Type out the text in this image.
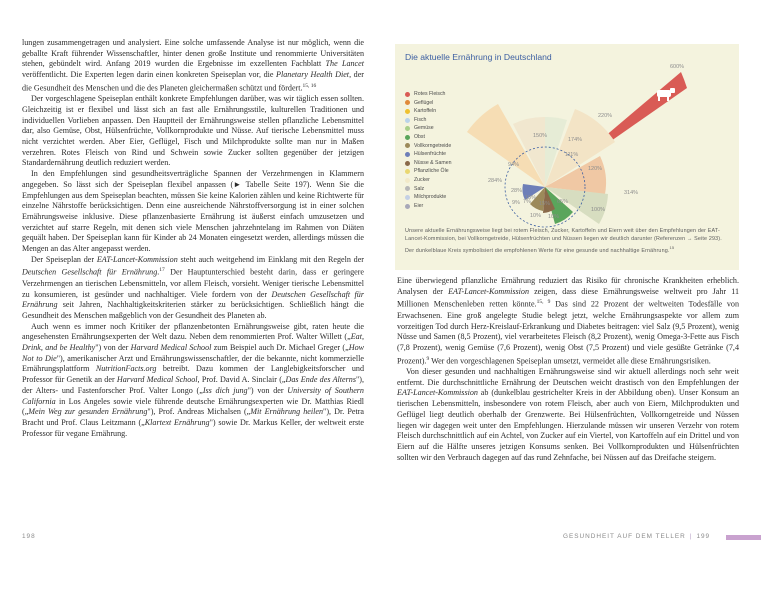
lungen zusammengetragen und analysiert. Eine solche umfassende Analyse ist nur möglich, wenn die geballte Kraft führender Wissenschaftler, hinter denen große Institute und renommierte Universitäten stehen, gebündelt wird. Anfang 2019 wurden die Ergebnisse im exzellenten Fachblatt The Lancet veröffentlicht. Die Experten legen darin einen konkreten Speiseplan vor, die Planetary Health Diet, der die Gesundheit des Menschen und die des Planeten gleichermaßen schützt und fördert.$^{15, 16}$

Der vorgeschlagene Speiseplan enthält konkrete Empfehlungen darüber, was wir täglich essen sollten. Gleichzeitig ist er flexibel und lässt sich an fast alle Ernährungsstile, kulturellen Traditionen und individuellen Vorlieben anpassen. Den Hauptteil der Ernährungsweise stellen pflanzliche Lebensmittel dar, also Gemüse, Obst, Hülsenfrüchte, Vollkornprodukte und Nüsse. Auf tierische Lebensmittel muss nicht verzichtet werden. Aber Eier, Geflügel, Fisch und Milchprodukte sollte man nur in Maßen verzehren. Rotes Fleisch von Rind und Schwein sowie Zucker sollten gegenüber der jetzigen Standardernährung deutlich reduziert werden.

In den Empfehlungen sind gesundheitsverträgliche Spannen der Verzehrmengen in Klammern angegeben. So lässt sich der Speiseplan flexibel anpassen (► Tabelle Seite 197). Wenn Sie die Empfehlungen aus dem Speiseplan beachten, müssen Sie keine Kalorien zählen und keine Richtwerte für einzelne Nährstoffe berücksichtigen. Denn eine ausreichende Nährstoffversorgung ist in einer solchen Ernährungsweise inklusive. Diese pflanzenbasierte Ernährung ist äußerst einfach umzusetzen und verzichtet auf starre Regeln, mit denen sich viele Menschen jahrzehntelang im Rahmen von Diäten gequält haben. Der Speiseplan kann für Kinder ab 24 Monaten eingesetzt werden, allerdings müssen die Mengen an das Alter angepasst werden.

Der Speiseplan der EAT-Lancet-Kommission steht auch weitgehend im Einklang mit den Regeln der Deutschen Gesellschaft für Ernährung.$^{17}$ Der Hauptunterschied besteht darin, dass er geringere Verzehrmengen an tierischen Lebensmitteln, vor allem Fleisch, vorsieht. Weniger tierische Lebensmittel zu konsumieren, ist gesünder und nachhaltiger. Viele fordern von der Deutschen Gesellschaft für Ernährung seit Jahren, Nachhaltigkeitskriterien stärker zu berücksichtigen. Schließlich hängt die Gesundheit des Menschen maßgeblich von der Gesundheit des Planeten ab.

Auch wenn es immer noch Kritiker der pflanzenbetonten Ernährungsweise gibt, raten heute die angesehensten Ernährungsexperten der Welt dazu. Neben dem renommierten Prof. Walter Willett („Eat, Drink, and be Healthy") von der Harvard Medical School zum Beispiel auch Dr. Michael Greger („How Not to Die"), amerikanischer Arzt und Ernährungswissenschaftler, der die bekannte, nicht kommerzielle Ernährungsplattform NutritionFacts.org betreibt. Dazu kommen der Langlebigkeitsforscher und Professor für Genetik an der Harvard Medical School, Prof. David A. Sinclair („Das Ende des Alterns"), der Alters- und Fastenforscher Prof. Valter Longo („Iss dich jung") von der University of Southern California in Los Angeles sowie viele führende deutsche Ernährungsexperten wie Dr. Matthias Riedl („Mein Weg zur gesunden Ernährung"), Prof. Andreas Michalsen („Mit Ernährung heilen"), Dr. Petra Bracht und Prof. Claus Leitzmann („Klartext Ernährung") sowie Dr. Markus Keller, der weltweit erste Professor für vegane Ernährung.

600%
220%
174%
150%
120%
314%
284%
111%
100%
94%
28%
9%
10% 10%
15%
7%	65%
15%
Die aktuelle Ernährung in Deutschland
Rotes Fleisch
Geflügel
Kartoffeln
Fisch
Gemüse
Obst
Vollkorngetreide
Hülsenfrüchte
Nüsse & Samen
Pflanzliche Öle
Zucker
Salz
Milchprodukte
Eier
Unsere aktuelle Ernährungsweise liegt bei rotem Fleisch, Zucker, Kartoffeln und Eiern weit über den Empfehlungen der EAT-Lancet-Kommission, bei Vollkorngetreide, Hülsenfrüchten und Nüssen liegen wir deutlich darunter (Referenzen → Seite 293). Der dunkelblaue Kreis symbolisiert die empfohlenen Werte für eine gesunde und nachhaltige Ernährung.$^{15}$

Eine überwiegend pflanzliche Ernährung reduziert das Risiko für chronische Krankheiten erheblich. Analysen der EAT-Lancet-Kommission zeigen, dass diese Ernährungsweise weltweit pro Jahr 11 Millionen Menschenleben retten könnte.$^{15, 9}$ Das sind 22 Prozent der weltweiten Todesfälle von Erwachsenen. Eine groß angelegte Studie belegt jetzt, welche Ernährungsaspekte vor allem zum vorzeitigen Tod durch Herz-Kreislauf-Erkrankung und Diabetes beitragen: viel Salz (9,5 Prozent), wenig Nüsse und Samen (8,5 Prozent), viel verarbeitetes Fleisch (8,2 Prozent), wenig Omega-3-Fette aus Fisch (7,8 Prozent), wenig Gemüse (7,6 Prozent), wenig Obst (7,5 Prozent) und viele gesüßte Getränke (7,4 Prozent).$^9$ Wer den vorgeschlagenen Speiseplan umsetzt, vermeidet alle diese Ernährungsrisiken.

Von dieser gesunden und nachhaltigen Ernährungsweise sind wir aktuell allerdings noch sehr weit entfernt. Die durchschnittliche Ernährung der Deutschen weicht drastisch von den Empfehlungen der EAT-Lancet-Kommission ab (dunkelblau gestrichelter Kreis in der Abbildung oben). Unser Konsum an tierischen Lebensmitteln, insbesondere von rotem Fleisch, aber auch von Eiern, Milchprodukten und Geflügel liegt deutlich oberhalb der Grenzwerte. Bei Hülsenfrüchten, Vollkorngetreide und Nüssen liegen wir dagegen weit unter den Empfehlungen. Hierzulande müssen wir unseren Verzehr von rotem Fleisch durchschnittlich auf ein Achtel, von Zucker auf ein Viertel, von Kartoffeln auf ein Drittel und von Eiern auf die Hälfte unseres jetzigen Konsums senken. Bei Vollkornprodukten und Hülsenfrüchten sollten wir den Verbrauch dagegen auf das rund Zehnfache, bei Nüssen auf das Dreifache steigern.

198	GESUNDHEIT AUF DEM TELLER | 199
